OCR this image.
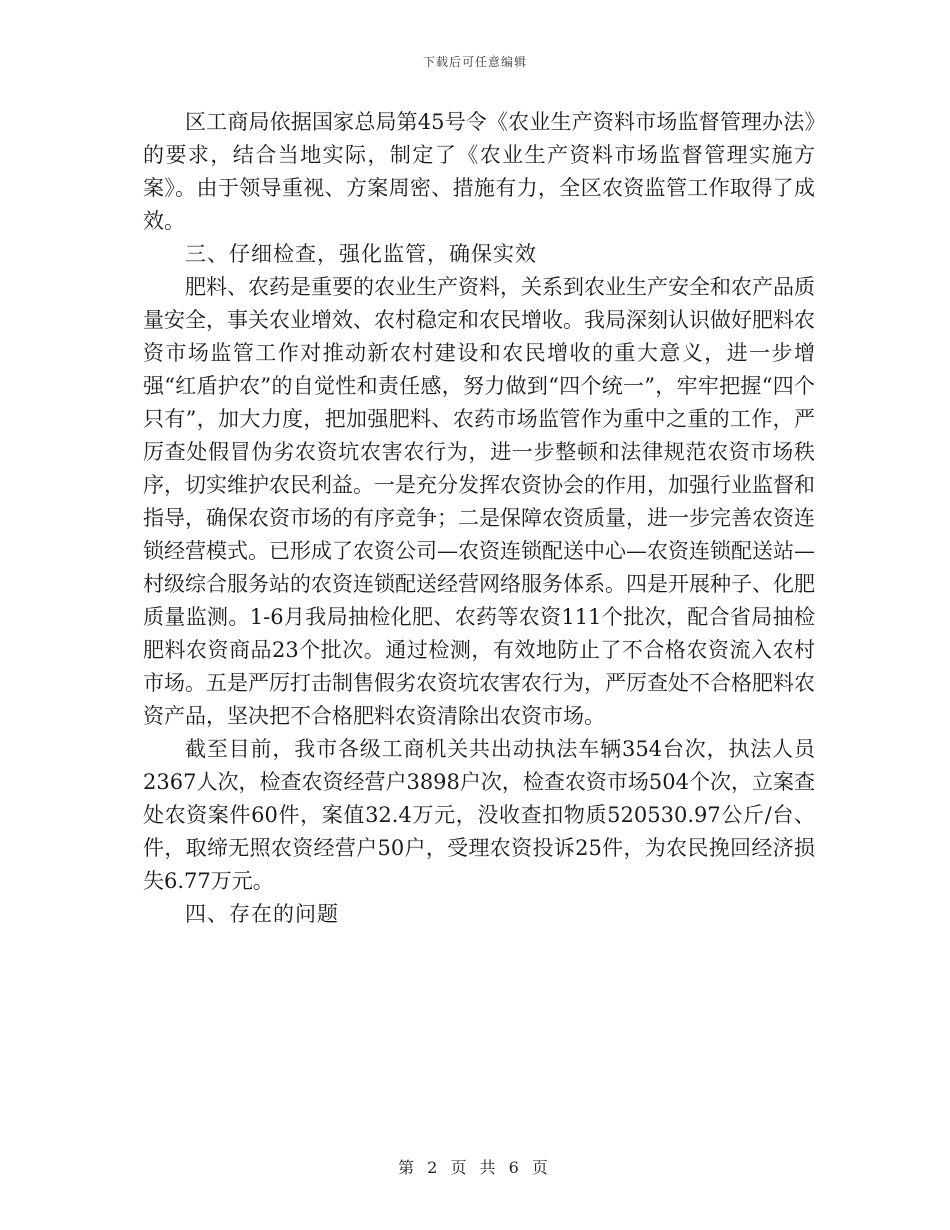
下载后可任意编辑

区工商局依据国家总局第45号令《农业生产资料市场监督管理办法》的要求，结合当地实际，制定了《农业生产资料市场监督管理实施方案》。由于领导重视、方案周密、措施有力，全区农资监管工作取得了成效。

三、仔细检查，强化监管，确保实效

肥料、农药是重要的农业生产资料，关系到农业生产安全和农产品质量安全，事关农业增效、农村稳定和农民增收。我局深刻认识做好肥料农资市场监管工作对推动新农村建设和农民增收的重大意义，进一步增强“红盾护农”的自觉性和责任感，努力做到“四个统一”，牢牢把握“四个只有”，加大力度，把加强肥料、农药市场监管作为重中之重的工作，严厉查处假冒伪劣农资坑农害农行为，进一步整顿和法律规范农资市场秩序，切实维护农民利益。一是充分发挥农资协会的作用，加强行业监督和指导，确保农资市场的有序竞争；二是保障农资质量，进一步完善农资连锁经营模式。已形成了农资公司—农资连锁配送中心—农资连锁配送站—村级综合服务站的农资连锁配送经营网络服务体系。四是开展种子、化肥质量监测。1-6月我局抽检化肥、农药等农资111个批次，配合省局抽检肥料农资商品23个批次。通过检测，有效地防止了不合格农资流入农村市场。五是严厉打击制售假劣农资坑农害农行为，严厉查处不合格肥料农资产品，坚决把不合格肥料农资清除出农资市场。

截至目前，我市各级工商机关共出动执法车辆354台次，执法人员2367人次，检查农资经营户3898户次，检查农资市场504个次，立案查处农资案件60件，案值32.4万元，没收查扣物质520530.97公斤/台、件，取缔无照农资经营户50户，受理农资投诉25件，为农民挽回经济损失6.77万元。

四、存在的问题

第 2 页 共 6 页
